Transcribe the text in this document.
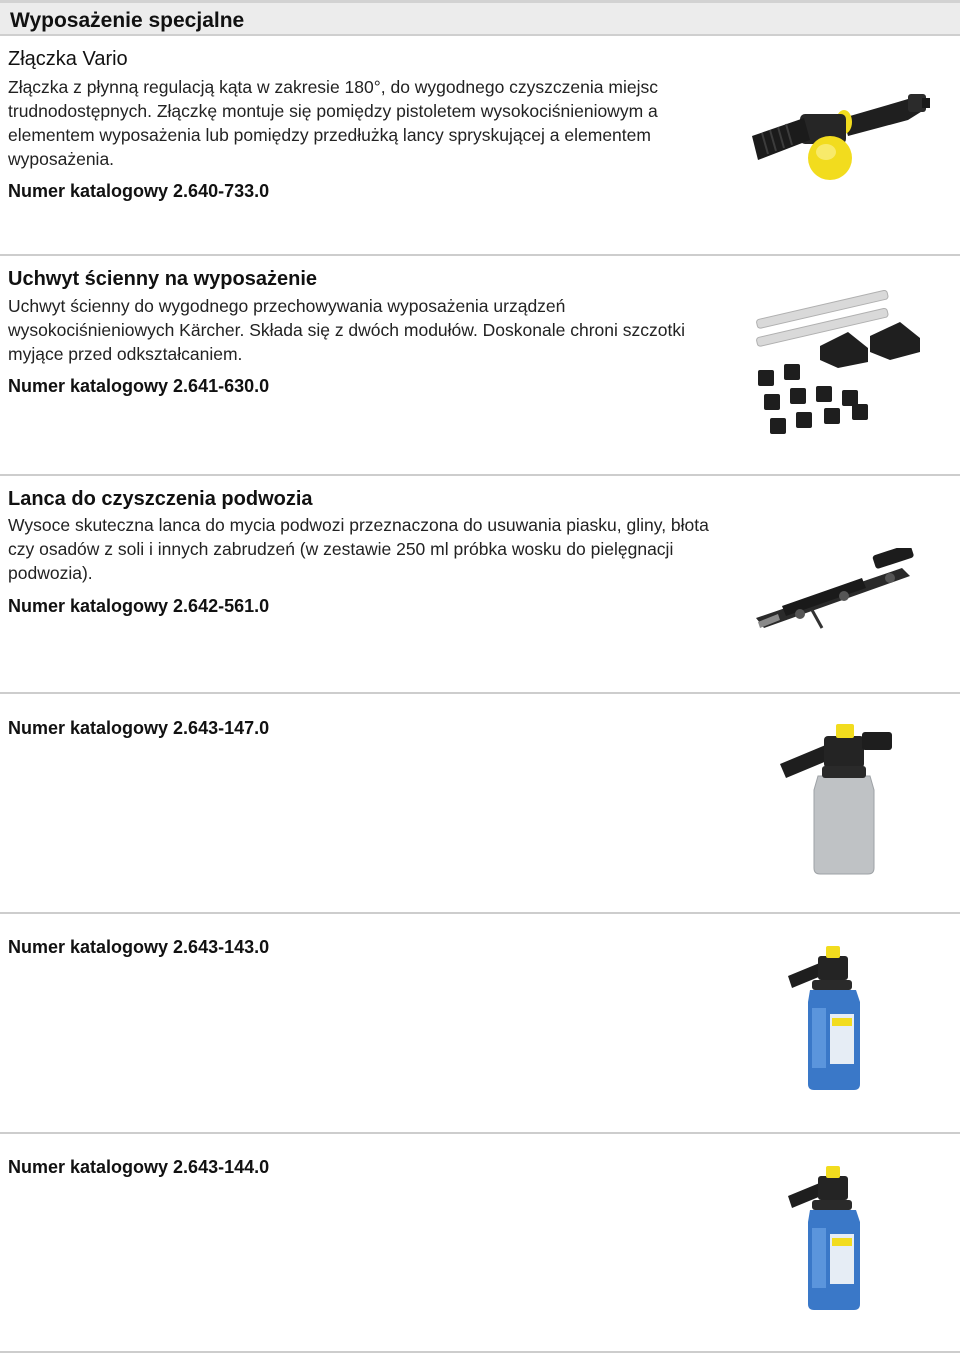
Wyposażenie specjalne
Złączka Vario
Złączka z płynną regulacją kąta w zakresie 180°, do wygodnego czyszczenia miejsc trudnodostępnych. Złączkę montuje się pomiędzy pistoletem wysokociśnieniowym a elementem wyposażenia lub pomiędzy przedłużką lancy spryskującej a elementem wyposażenia.
Numer katalogowy 2.640-733.0
Uchwyt ścienny na wyposażenie
Uchwyt ścienny do wygodnego przechowywania wyposażenia urządzeń wysokociśnieniowych Kärcher. Składa się z dwóch modułów. Doskonale chroni szczotki myjące przed odkształcaniem.
Numer katalogowy 2.641-630.0
Lanca do czyszczenia podwozia
Wysoce skuteczna lanca do mycia podwozi przeznaczona do usuwania piasku, gliny, błota czy osadów z soli i innych zabrudzeń (w zestawie 250 ml próbka wosku do pielęgnacji podwozia).
Numer katalogowy 2.642-561.0
Numer katalogowy 2.643-147.0
Numer katalogowy 2.643-143.0
Numer katalogowy 2.643-144.0
